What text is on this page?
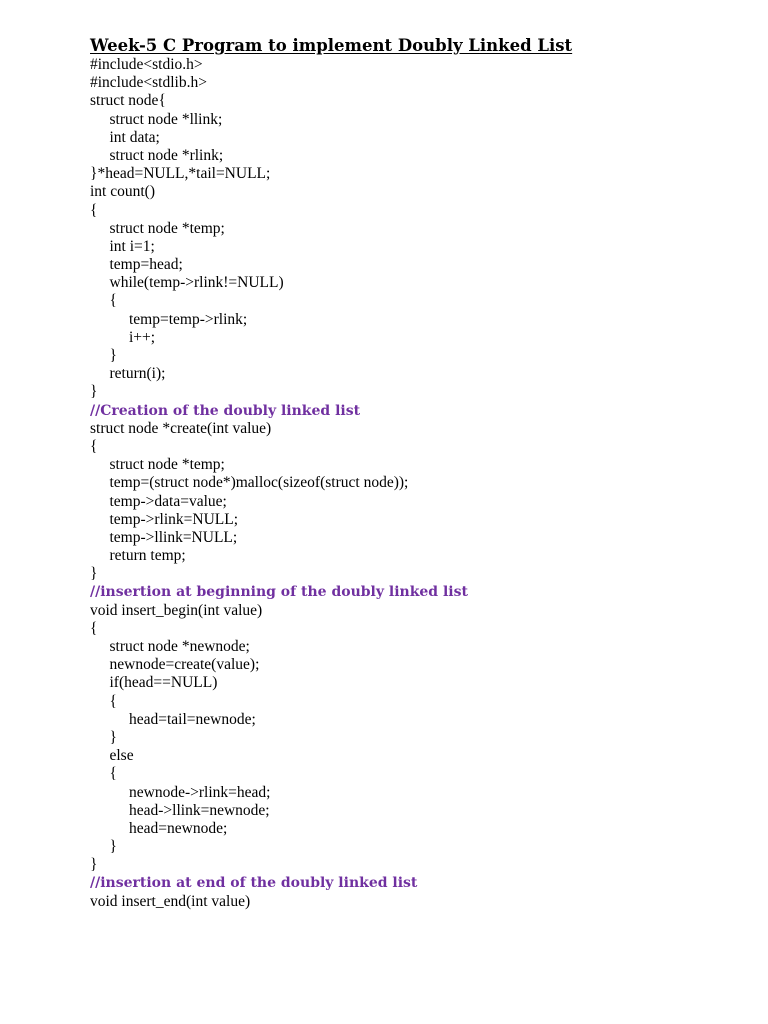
Week-5 C Program to implement Doubly Linked List
#include<stdio.h>
#include<stdlib.h>
struct node{
struct node *llink;
int data;
struct node *rlink;
}*head=NULL,*tail=NULL;
int count()
{
struct node *temp;
int i=1;
temp=head;
while(temp->rlink!=NULL)
{
temp=temp->rlink;
i++;
}
return(i);
}
//Creation of the doubly linked list
struct node *create(int value)
{
struct node *temp;
temp=(struct node*)malloc(sizeof(struct node));
temp->data=value;
temp->rlink=NULL;
temp->llink=NULL;
return temp;
}
//insertion at beginning of the doubly linked list
void insert_begin(int value)
{
struct node *newnode;
newnode=create(value);
if(head==NULL)
{
head=tail=newnode;
}
else
{
newnode->rlink=head;
head->llink=newnode;
head=newnode;
}
}
//insertion at end of the doubly linked list
void insert_end(int value)
